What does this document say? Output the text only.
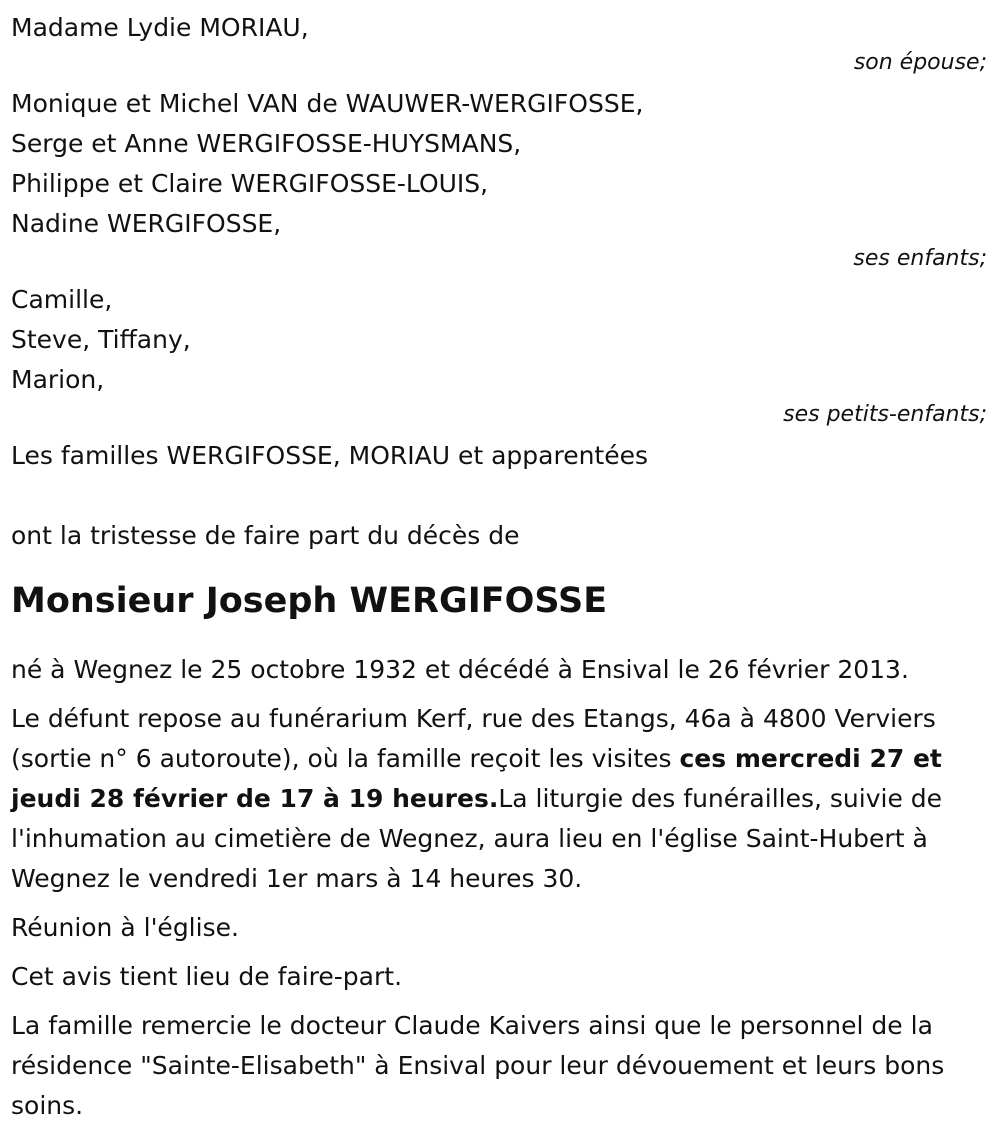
Madame Lydie MORIAU,
son épouse;
Monique et Michel VAN de WAUWER-WERGIFOSSE,
Serge et Anne WERGIFOSSE-HUYSMANS,
Philippe et Claire WERGIFOSSE-LOUIS,
Nadine WERGIFOSSE,
ses enfants;
Camille,
Steve, Tiffany,
Marion,
ses petits-enfants;
Les familles WERGIFOSSE, MORIAU et apparentées
ont la tristesse de faire part du décès de
Monsieur Joseph WERGIFOSSE
né à Wegnez le 25 octobre 1932 et décédé à Ensival le 26 février 2013.
Le défunt repose au funérarium Kerf, rue des Etangs, 46a à 4800 Verviers (sortie n° 6 autoroute), où la famille reçoit les visites ces mercredi 27 et jeudi 28 février de 17 à 19 heures.La liturgie des funérailles, suivie de l'inhumation au cimetière de Wegnez, aura lieu en l'église Saint-Hubert à Wegnez le vendredi 1er mars à 14 heures 30.
Réunion à l'église.
Cet avis tient lieu de faire-part.
La famille remercie le docteur Claude Kaivers ainsi que le personnel de la résidence "Sainte-Elisabeth" à Ensival pour leur dévouement et leurs bons soins.
